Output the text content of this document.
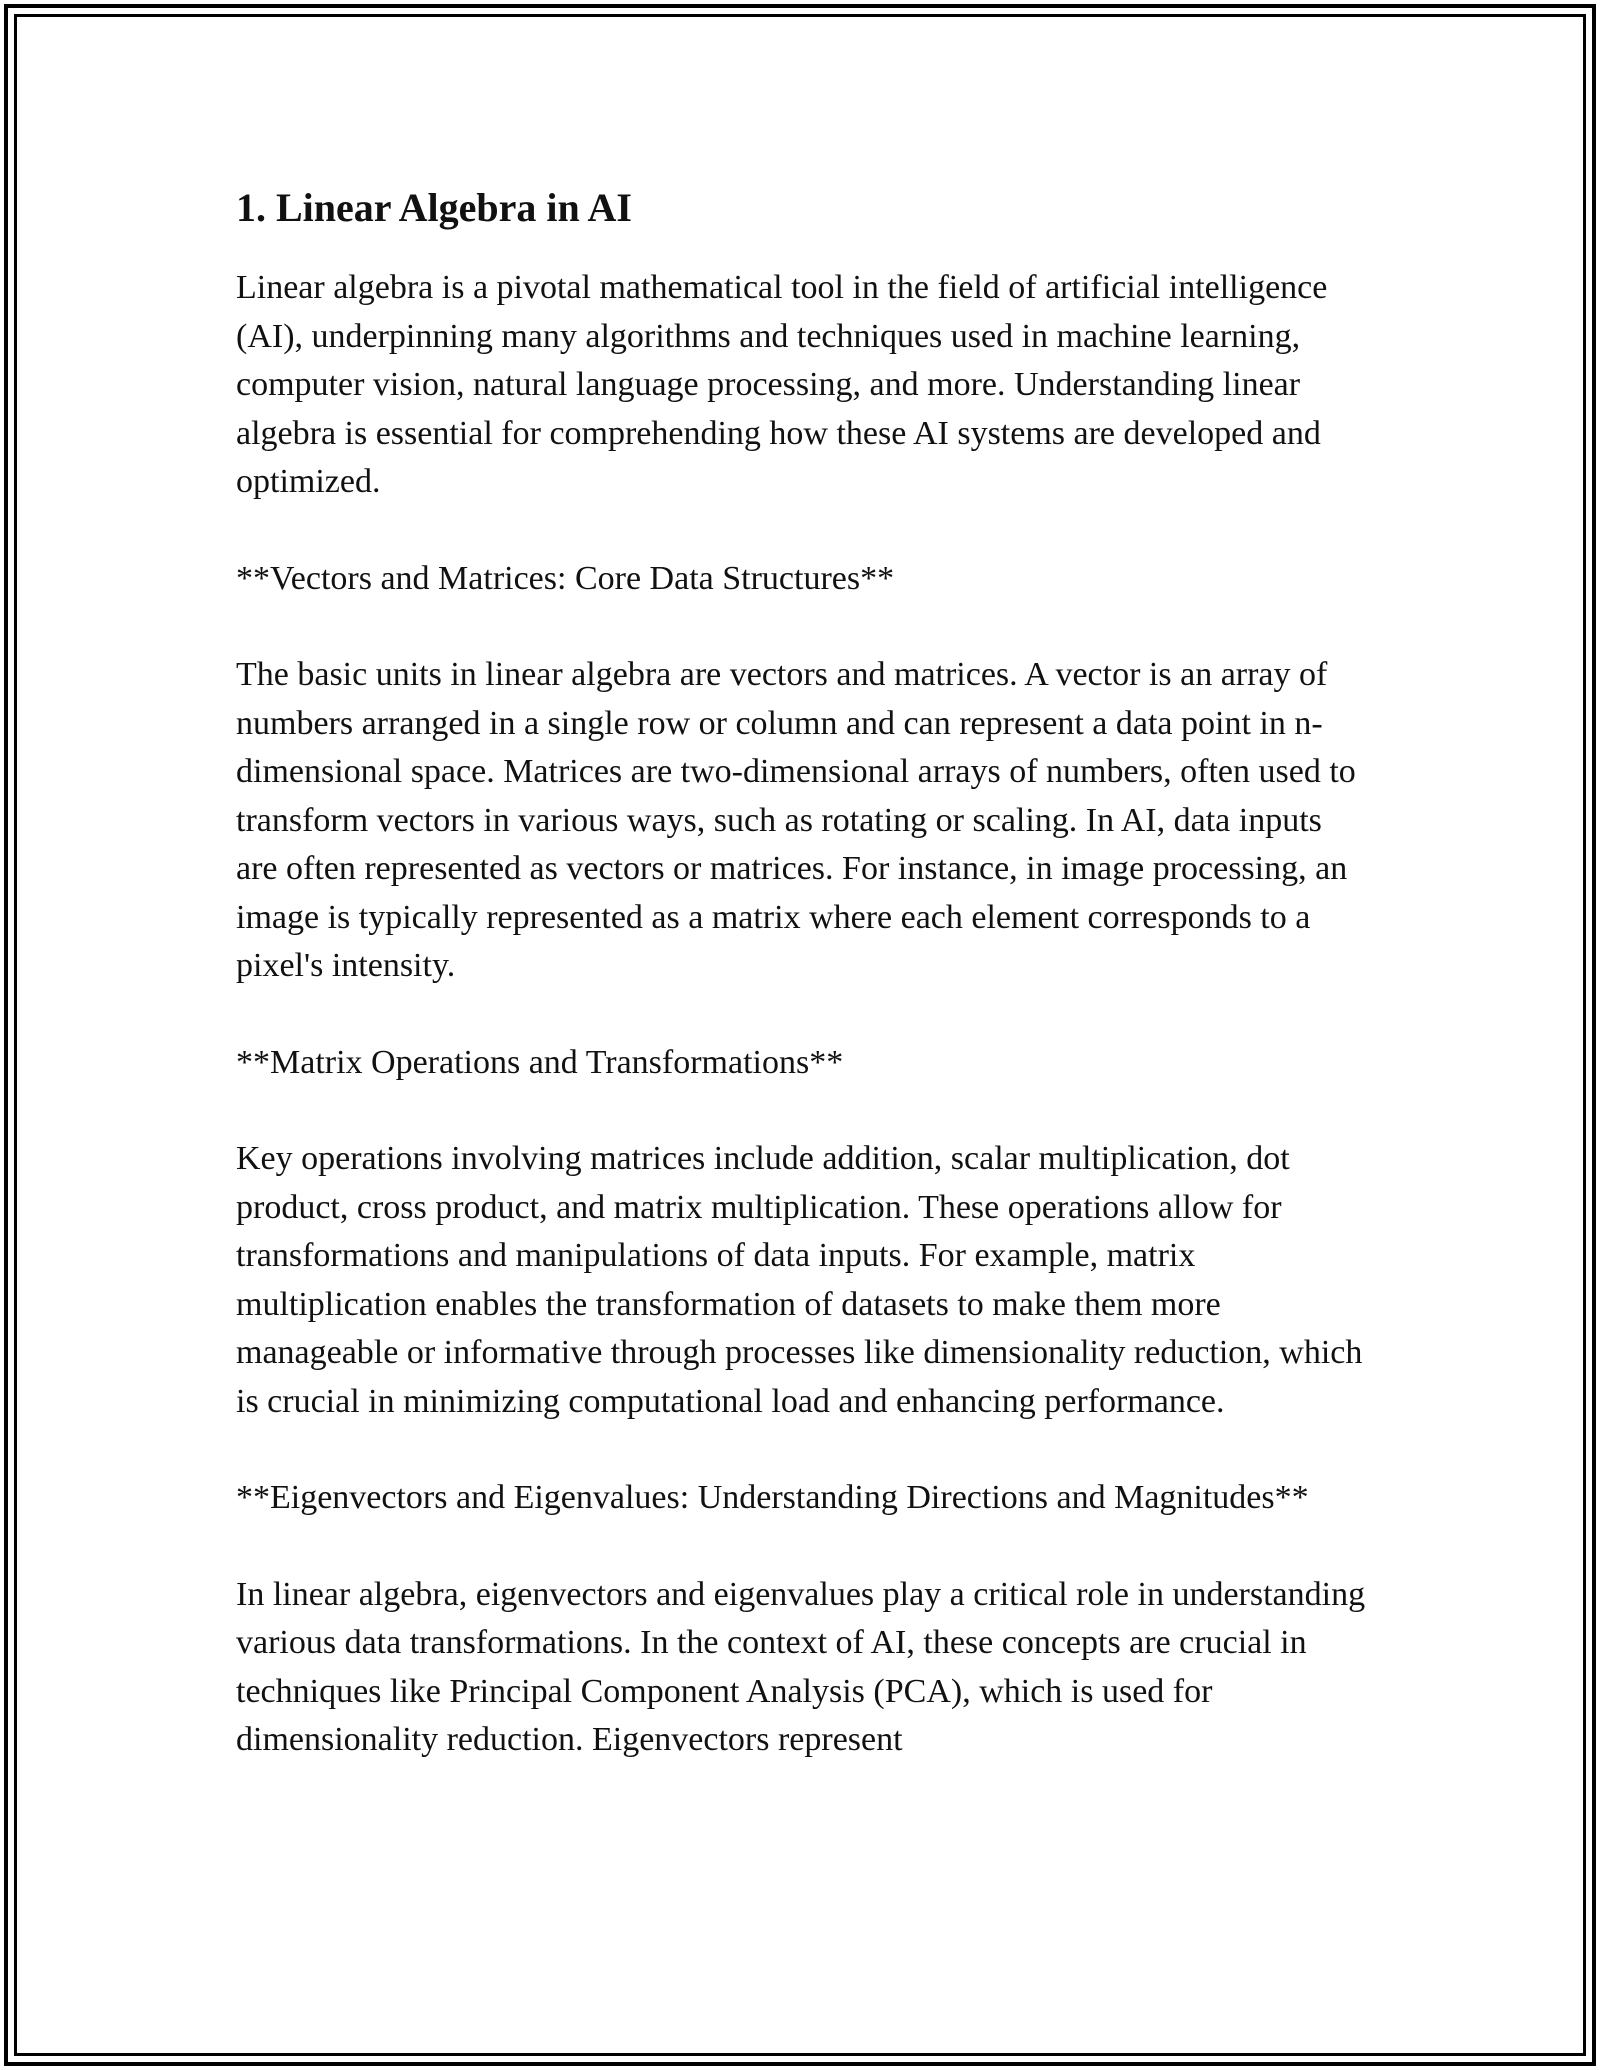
1. Linear Algebra in AI

Linear algebra is a pivotal mathematical tool in the field of artificial intelligence (AI), underpinning many algorithms and techniques used in machine learning, computer vision, natural language processing, and more. Understanding linear algebra is essential for comprehending how these AI systems are developed and optimized.

**Vectors and Matrices: Core Data Structures**

The basic units in linear algebra are vectors and matrices. A vector is an array of numbers arranged in a single row or column and can represent a data point in n-dimensional space. Matrices are two-dimensional arrays of numbers, often used to transform vectors in various ways, such as rotating or scaling. In AI, data inputs are often represented as vectors or matrices. For instance, in image processing, an image is typically represented as a matrix where each element corresponds to a pixel's intensity.

**Matrix Operations and Transformations**

Key operations involving matrices include addition, scalar multiplication, dot product, cross product, and matrix multiplication. These operations allow for transformations and manipulations of data inputs. For example, matrix multiplication enables the transformation of datasets to make them more manageable or informative through processes like dimensionality reduction, which is crucial in minimizing computational load and enhancing performance.

**Eigenvectors and Eigenvalues: Understanding Directions and Magnitudes**

In linear algebra, eigenvectors and eigenvalues play a critical role in understanding various data transformations. In the context of AI, these concepts are crucial in techniques like Principal Component Analysis (PCA), which is used for dimensionality reduction. Eigenvectors represent
